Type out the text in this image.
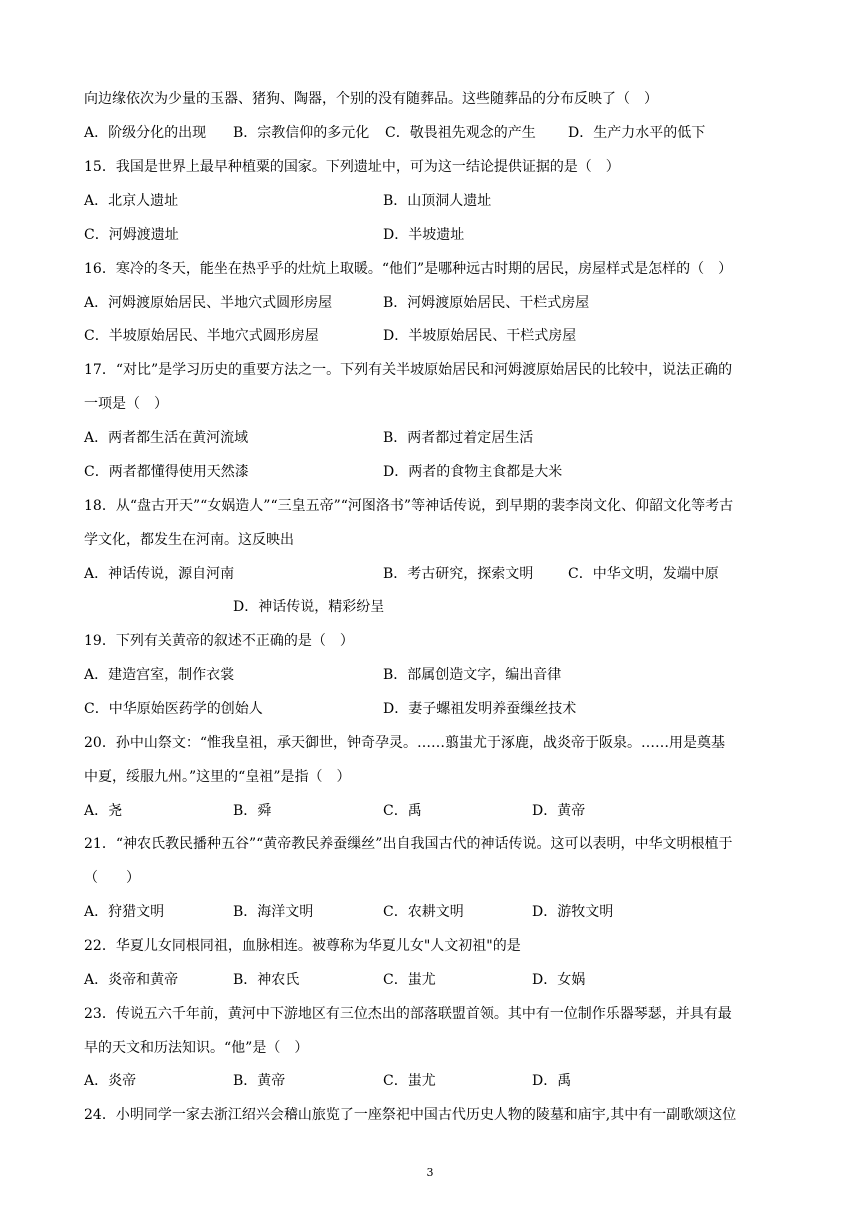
向边缘依次为少量的玉器、猪狗、陶器，个别的没有随葬品。这些随葬品的分布反映了（　）
A．阶级分化的出现 B．宗教信仰的多元化 C．敬畏祖先观念的产生 D．生产力水平的低下
15．我国是世界上最早种植粟的国家。下列遗址中，可为这一结论提供证据的是（　）
A．北京人遗址	B．山顶洞人遗址
C．河姆渡遗址	D．半坡遗址
16．寒冷的冬天，能坐在热乎乎的灶炕上取暖。“他们”是哪种远古时期的居民，房屋样式是怎样的（　）
A．河姆渡原始居民、半地穴式圆形房屋	B．河姆渡原始居民、干栏式房屋
C．半坡原始居民、半地穴式圆形房屋	D．半坡原始居民、干栏式房屋
17．“对比”是学习历史的重要方法之一。下列有关半坡原始居民和河姆渡原始居民的比较中，说法正确的
一项是（　）
A．两者都生活在黄河流域	B．两者都过着定居生活
C．两者都懂得使用天然漆	D．两者的食物主食都是大米
18．从“盘古开天”“女娲造人”“三皇五帝”“河图洛书”等神话传说，到早期的裴李岗文化、仰韶文化等考古
学文化，都发生在河南。这反映出
A．神话传说，源自河南	B．考古研究，探索文明 C．中华文明，发端中原
D．神话传说，精彩纷呈
19．下列有关黄帝的叙述不正确的是（　）
A．建造宫室，制作衣裳	B．部属创造文字，编出音律
C．中华原始医药学的创始人	D．妻子螺祖发明养蚕缫丝技术
20．孙中山祭文：“惟我皇祖，承天御世，钟奇孕灵。……翦蚩尤于涿鹿，战炎帝于阪泉。……用是奠基
中夏，绥服九州。”这里的“皇祖”是指（　）
A．尧	B．舜	C．禹	D．黄帝
21．“神农氏教民播种五谷”“黄帝教民养蚕缫丝”出自我国古代的神话传说。这可以表明，中华文明根植于
（　　）
A．狩猎文明	B．海洋文明	C．农耕文明	D．游牧文明
22．华夏儿女同根同祖，血脉相连。被尊称为华夏儿女"人文初祖"的是
A．炎帝和黄帝	B．神农氏	C．蚩尤	D．女娲
23．传说五六千年前，黄河中下游地区有三位杰出的部落联盟首领。其中有一位制作乐器琴瑟，并具有最
早的天文和历法知识。“他”是（　）
A．炎帝	B．黄帝	C．蚩尤	D．禹
24．小明同学一家去浙江绍兴会稽山旅览了一座祭祀中国古代历史人物的陵墓和庙宇,其中有一副歌颂这位
3
